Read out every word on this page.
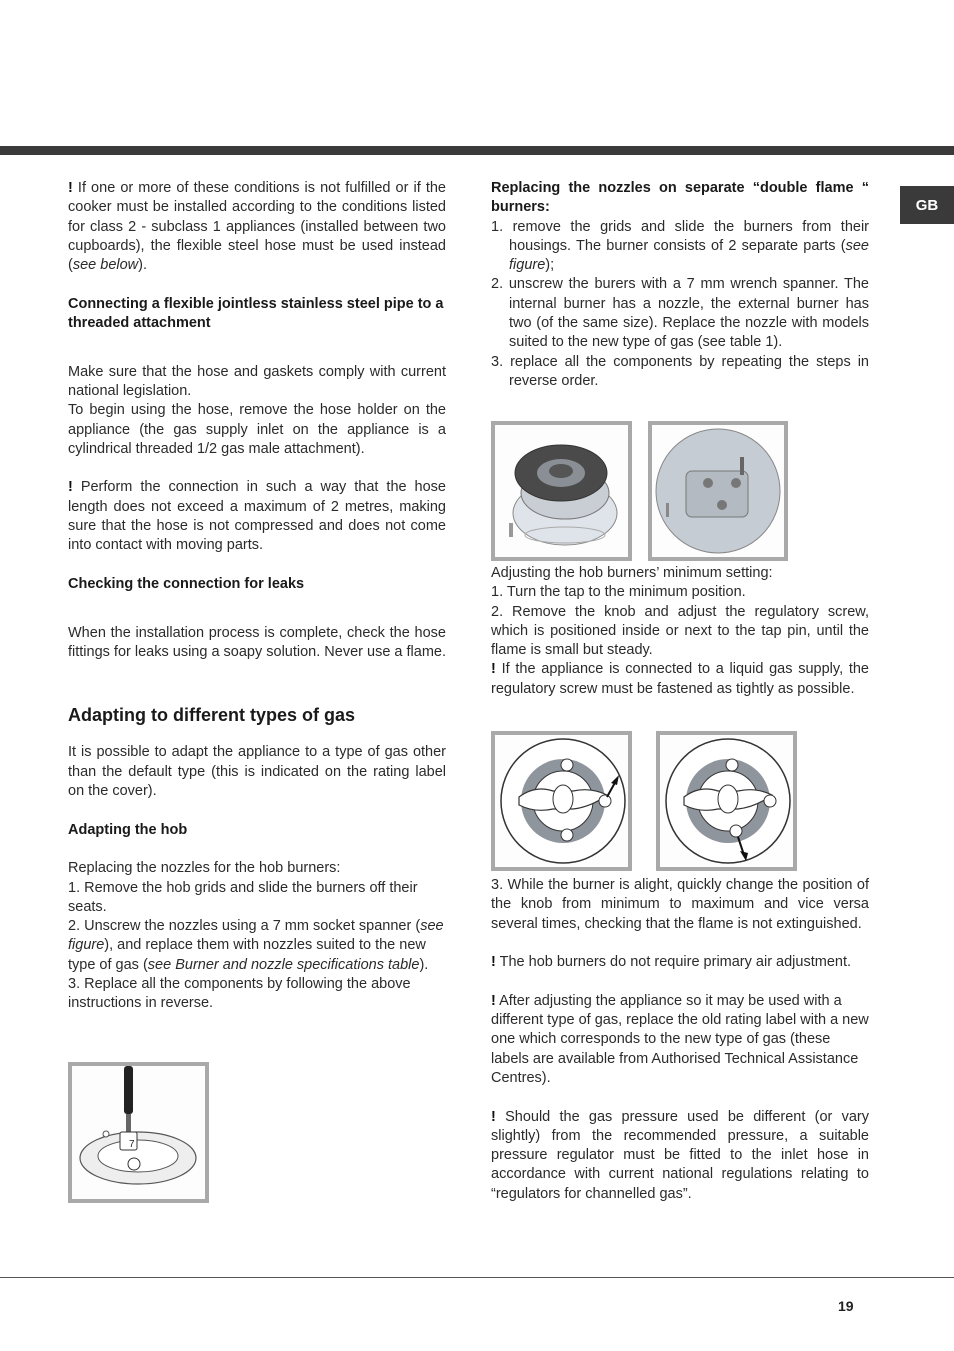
GB

! If one or more of these conditions is not fulfilled or if the cooker must be installed according to the conditions listed for class 2 - subclass 1 appliances (installed between two cupboards), the flexible steel hose must be used instead (see below).

Connecting a flexible jointless stainless steel pipe to a threaded attachment

Make sure that the hose and gaskets comply with current national legislation.

To begin using the hose, remove the hose holder on the appliance (the gas supply inlet on the appliance is a cylindrical threaded 1/2 gas male attachment).

! Perform the connection in such a way that the hose length does not exceed a maximum of 2 metres, making sure that the hose is not compressed and does not come into contact with moving parts.

Checking the connection for leaks

When the installation process is complete, check the hose fittings for leaks using a soapy solution. Never use a flame.

Adapting to different types of gas

It is possible to adapt the appliance to a type of gas other than the default type (this is indicated on the rating label on the cover).

Adapting the hob

Replacing the nozzles for the hob burners:

1. Remove the hob grids and slide the burners off their seats.

2. Unscrew the nozzles using a 7 mm socket spanner (see figure), and replace them with nozzles suited to the new type of gas (see Burner and nozzle specifications table).

3. Replace all the components by following the above instructions in reverse.

Replacing the nozzles on separate “double flame “ burners:

1. remove the grids and slide the burners from their housings. The burner consists of 2 separate parts (see figure);
2. unscrew the burers with a 7 mm wrench spanner. The internal burner has a nozzle, the external burner has two (of the same size). Replace the nozzle with models suited to the new type of gas (see table 1).
3. replace all the components by repeating the steps in reverse order.

Adjusting the hob burners’ minimum setting:

1. Turn the tap to the minimum position.

2. Remove the knob and adjust the regulatory screw, which is positioned inside or next to the tap pin, until the flame is small but steady.

! If the appliance is connected to a liquid gas supply, the regulatory screw must be fastened as tightly as possible.

3. While the burner is alight, quickly change the position of the knob from minimum to maximum and vice versa several times, checking that the flame is not extinguished.

! The hob burners do not require primary air adjustment.

! After adjusting the appliance so it may be used with a different type of gas, replace the old rating label with a new one which corresponds to the new type of gas (these labels are available from Authorised Technical Assistance Centres).

! Should the gas pressure used be different (or vary slightly) from the recommended pressure, a suitable pressure regulator must be fitted to the inlet hose in accordance with current national regulations relating to “regulators for channelled gas”.

7
19
